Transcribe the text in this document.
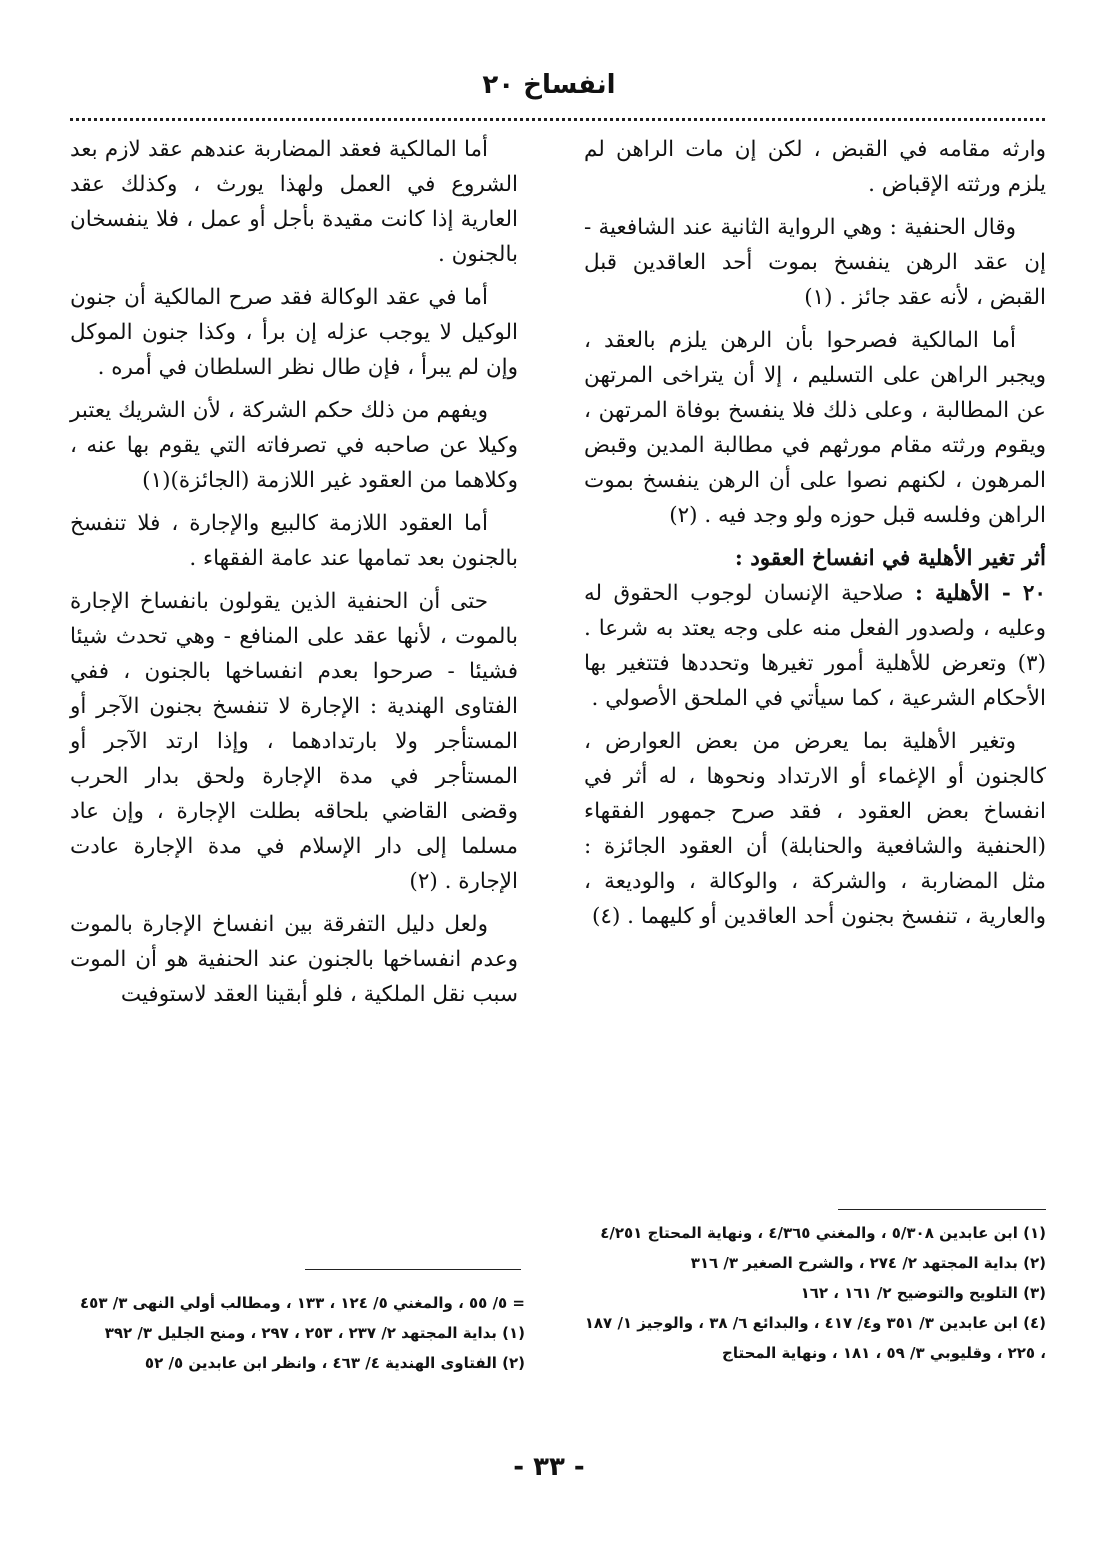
انفساخ ٢٠

وارثه مقامه في القبض ، لكن إن مات الراهن لم يلزم ورثته الإقباض .

وقال الحنفية : وهي الرواية الثانية عند الشافعية - إن عقد الرهن ينفسخ بموت أحد العاقدين قبل القبض ، لأنه عقد جائز . (١)

أما المالكية فصرحوا بأن الرهن يلزم بالعقد ، ويجبر الراهن على التسليم ، إلا أن يتراخى المرتهن عن المطالبة ، وعلى ذلك فلا ينفسخ بوفاة المرتهن ، ويقوم ورثته مقام مورثهم في مطالبة المدين وقبض المرهون ، لكنهم نصوا على أن الرهن ينفسخ بموت الراهن وفلسه قبل حوزه ولو وجد فيه . (٢)

أثر تغير الأهلية في انفساخ العقود :

٢٠ - الأهلية : صلاحية الإنسان لوجوب الحقوق له وعليه ، ولصدور الفعل منه على وجه يعتد به شرعا . (٣) وتعرض للأهلية أمور تغيرها وتحددها فتتغير بها الأحكام الشرعية ، كما سيأتي في الملحق الأصولي .

وتغير الأهلية بما يعرض من بعض العوارض ، كالجنون أو الإغماء أو الارتداد ونحوها ، له أثر في انفساخ بعض العقود ، فقد صرح جمهور الفقهاء (الحنفية والشافعية والحنابلة) أن العقود الجائزة : مثل المضاربة ، والشركة ، والوكالة ، والوديعة ، والعارية ، تنفسخ بجنون أحد العاقدين أو كليهما . (٤)

أما المالكية فعقد المضاربة عندهم عقد لازم بعد الشروع في العمل ولهذا يورث ، وكذلك عقد العارية إذا كانت مقيدة بأجل أو عمل ، فلا ينفسخان بالجنون .

أما في عقد الوكالة فقد صرح المالكية أن جنون الوكيل لا يوجب عزله إن برأ ، وكذا جنون الموكل وإن لم يبرأ ، فإن طال نظر السلطان في أمره .

ويفهم من ذلك حكم الشركة ، لأن الشريك يعتبر وكيلا عن صاحبه في تصرفاته التي يقوم بها عنه ، وكلاهما من العقود غير اللازمة (الجائزة)(١)

أما العقود اللازمة كالبيع والإجارة ، فلا تنفسخ بالجنون بعد تمامها عند عامة الفقهاء .

حتى أن الحنفية الذين يقولون بانفساخ الإجارة بالموت ، لأنها عقد على المنافع - وهي تحدث شيئا فشيئا - صرحوا بعدم انفساخها بالجنون ، ففي الفتاوى الهندية : الإجارة لا تنفسخ بجنون الآجر أو المستأجر ولا بارتدادهما ، وإذا ارتد الآجر أو المستأجر في مدة الإجارة ولحق بدار الحرب وقضى القاضي بلحاقه بطلت الإجارة ، وإن عاد مسلما إلى دار الإسلام في مدة الإجارة عادت الإجارة . (٢)

ولعل دليل التفرقة بين انفساخ الإجارة بالموت وعدم انفساخها بالجنون عند الحنفية هو أن الموت سبب نقل الملكية ، فلو أبقينا العقد لاستوفيت

(١) ابن عابدين ٥/٣٠٨ ، والمغني ٤/٣٦٥ ، ونهاية المحتاج ٤/٢٥١

(٢) بداية المجتهد ٢/ ٢٧٤ ، والشرح الصغير ٣/ ٣١٦

(٣) التلويح والتوضيح ٢/ ١٦١ ، ١٦٢

(٤) ابن عابدين ٣/ ٣٥١ و٤/ ٤١٧ ، والبدائع ٦/ ٣٨ ، والوجيز ١/ ١٨٧ ، ٢٢٥ ، وقليوبي ٣/ ٥٩ ، ١٨١ ، ونهاية المحتاج

= ٥/ ٥٥ ، والمغني ٥/ ١٢٤ ، ١٣٣ ، ومطالب أولي النهى ٣/ ٤٥٣

(١) بداية المجتهد ٢/ ٢٣٧ ، ٢٥٣ ، ٢٩٧ ، ومنح الجليل ٣/ ٣٩٢

(٢) الفتاوى الهندية ٤/ ٤٦٣ ، وانظر ابن عابدين ٥/ ٥٢

- ٣٣ -
